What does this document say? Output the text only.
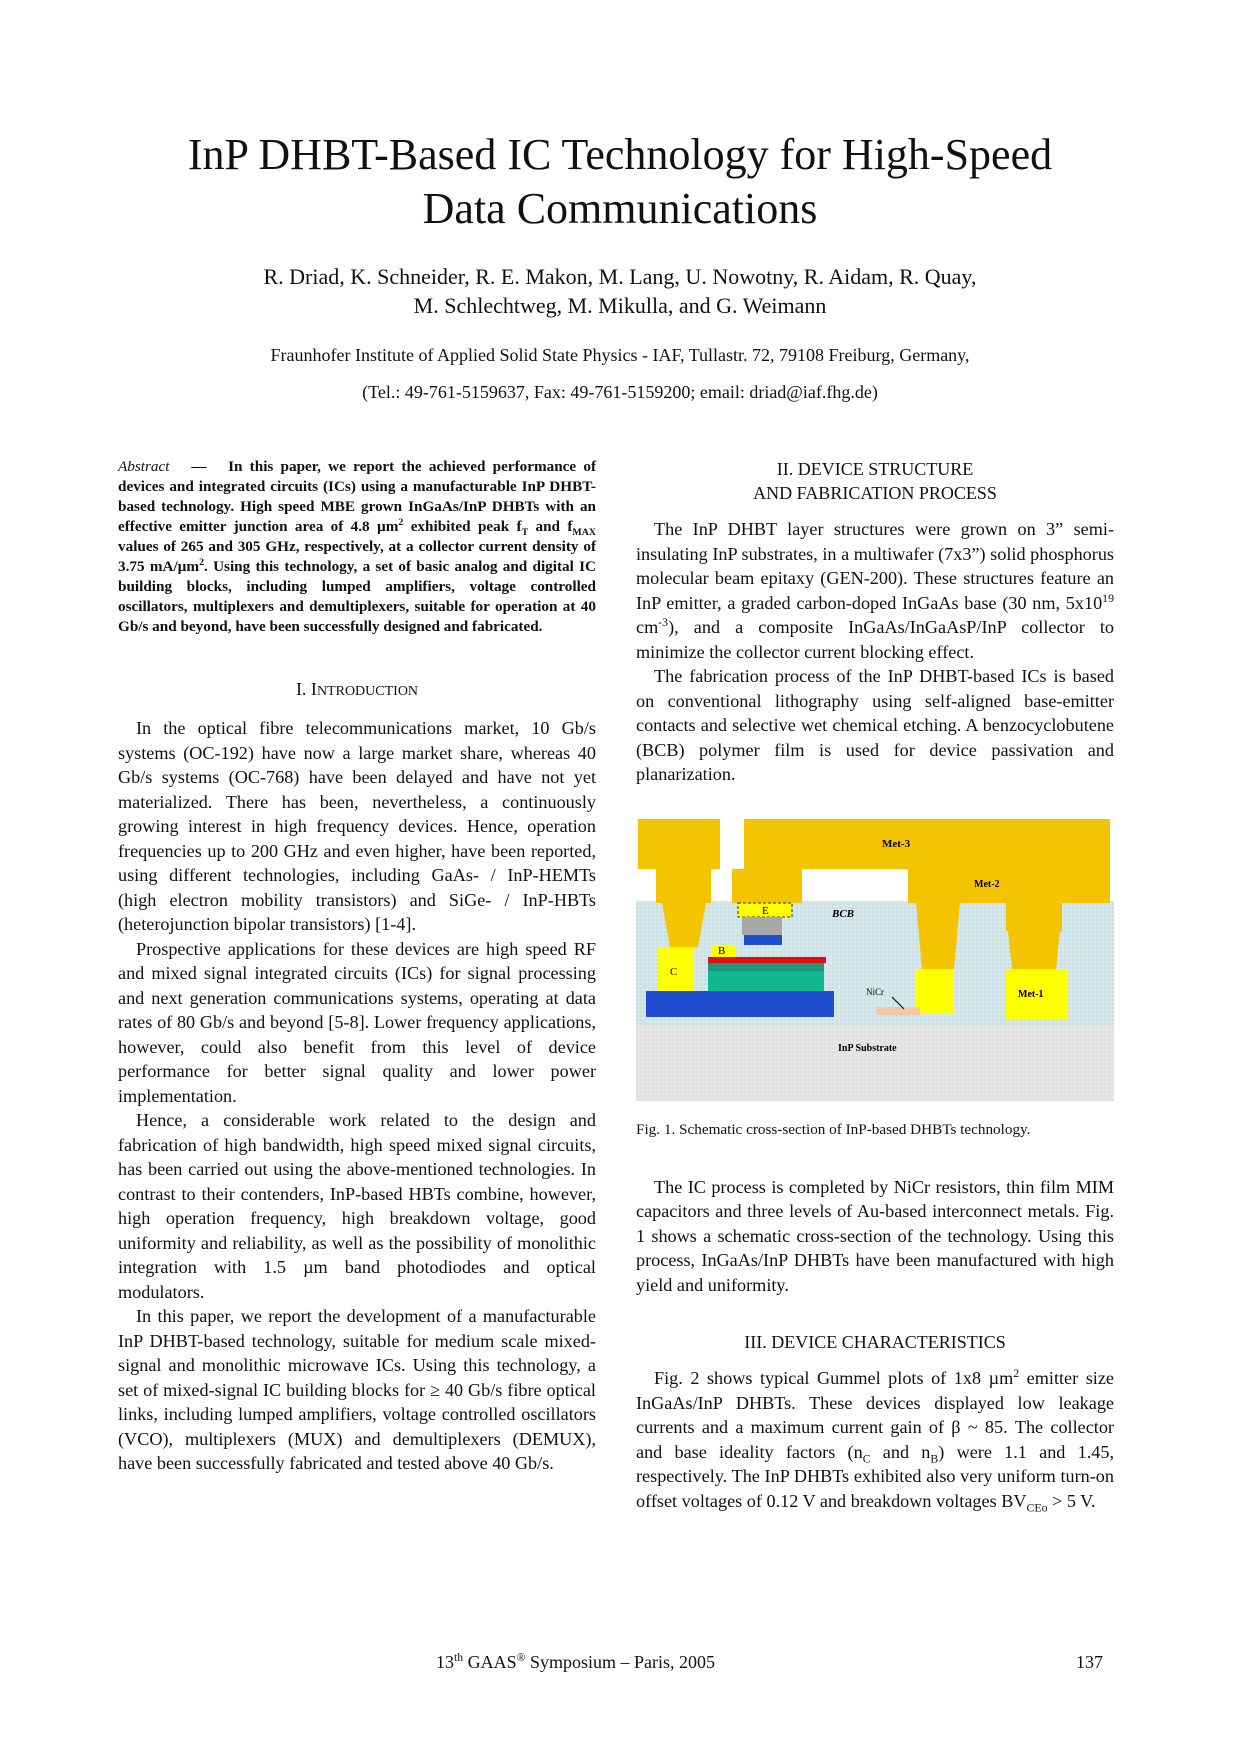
InP DHBT-Based IC Technology for High-Speed
Data Communications
R. Driad, K. Schneider, R. E. Makon, M. Lang, U. Nowotny, R. Aidam, R. Quay,
M. Schlechtweg, M. Mikulla, and G. Weimann
Fraunhofer Institute of Applied Solid State Physics - IAF, Tullastr. 72, 79108 Freiburg, Germany,
(Tel.: 49-761-5159637, Fax: 49-761-5159200; email: driad@iaf.fhg.de)

Abstract — In this paper, we report the achieved performance of devices and integrated circuits (ICs) using a manufacturable InP DHBT-based technology. High speed MBE grown InGaAs/InP DHBTs with an effective emitter junction area of 4.8 µm$^2$ exhibited peak $f_T$ and $f_{MAX}$ values of 265 and 305 GHz, respectively, at a collector current density of 3.75 mA/µm$^2$. Using this technology, a set of basic analog and digital IC building blocks, including lumped amplifiers, voltage controlled oscillators, multiplexers and demultiplexers, suitable for operation at 40 Gb/s and beyond, have been successfully designed and fabricated.

I. INTRODUCTION

In the optical fibre telecommunications market, 10 Gb/s systems (OC-192) have now a large market share, whereas 40 Gb/s systems (OC-768) have been delayed and have not yet materialized. There has been, nevertheless, a continuously growing interest in high frequency devices. Hence, operation frequencies up to 200 GHz and even higher, have been reported, using different technologies, including GaAs- / InP-HEMTs (high electron mobility transistors) and SiGe- / InP-HBTs (heterojunction bipolar transistors) [1-4].

Prospective applications for these devices are high speed RF and mixed signal integrated circuits (ICs) for signal processing and next generation communications systems, operating at data rates of 80 Gb/s and beyond [5-8]. Lower frequency applications, however, could also benefit from this level of device performance for better signal quality and lower power implementation.

Hence, a considerable work related to the design and fabrication of high bandwidth, high speed mixed signal circuits, has been carried out using the above-mentioned technologies. In contrast to their contenders, InP-based HBTs combine, however, high operation frequency, high breakdown voltage, good uniformity and reliability, as well as the possibility of monolithic integration with 1.5 µm band photodiodes and optical modulators.

In this paper, we report the development of a manufacturable InP DHBT-based technology, suitable for medium scale mixed-signal and monolithic microwave ICs. Using this technology, a set of mixed-signal IC building blocks for ≥ 40 Gb/s fibre optical links, including lumped amplifiers, voltage controlled oscillators (VCO), multiplexers (MUX) and demultiplexers (DEMUX), have been successfully fabricated and tested above 40 Gb/s.

II. DEVICE STRUCTURE
AND FABRICATION PROCESS

The InP DHBT layer structures were grown on 3” semi-insulating InP substrates, in a multiwafer (7x3”) solid phosphorus molecular beam epitaxy (GEN-200). These structures feature an InP emitter, a graded carbon-doped InGaAs base (30 nm, $5x10^{19}$ $cm^{-3}$), and a composite InGaAs/InGaAsP/InP collector to minimize the collector current blocking effect.

The fabrication process of the InP DHBT-based ICs is based on conventional lithography using self-aligned base-emitter contacts and selective wet chemical etching. A benzocyclobutene (BCB) polymer film is used for device passivation and planarization.

Met-3
Met-2
Met-1
BCB
E
B
C
NiCr
InP Substrate
Fig. 1. Schematic cross-section of InP-based DHBTs technology.

The IC process is completed by NiCr resistors, thin film MIM capacitors and three levels of Au-based interconnect metals. Fig. 1 shows a schematic cross-section of the technology. Using this process, InGaAs/InP DHBTs have been manufactured with high yield and uniformity.

III. DEVICE CHARACTERISTICS

Fig. 2 shows typical Gummel plots of 1x8 µm$^2$ emitter size InGaAs/InP DHBTs. These devices displayed low leakage currents and a maximum current gain of β ~ 85. The collector and base ideality factors ($n_C$ and $n_B$) were 1.1 and 1.45, respectively. The InP DHBTs exhibited also very uniform turn-on offset voltages of 0.12 V and breakdown voltages $BV_{CEo} > 5$ V.

13th GAAS® Symposium – Paris, 2005	137
